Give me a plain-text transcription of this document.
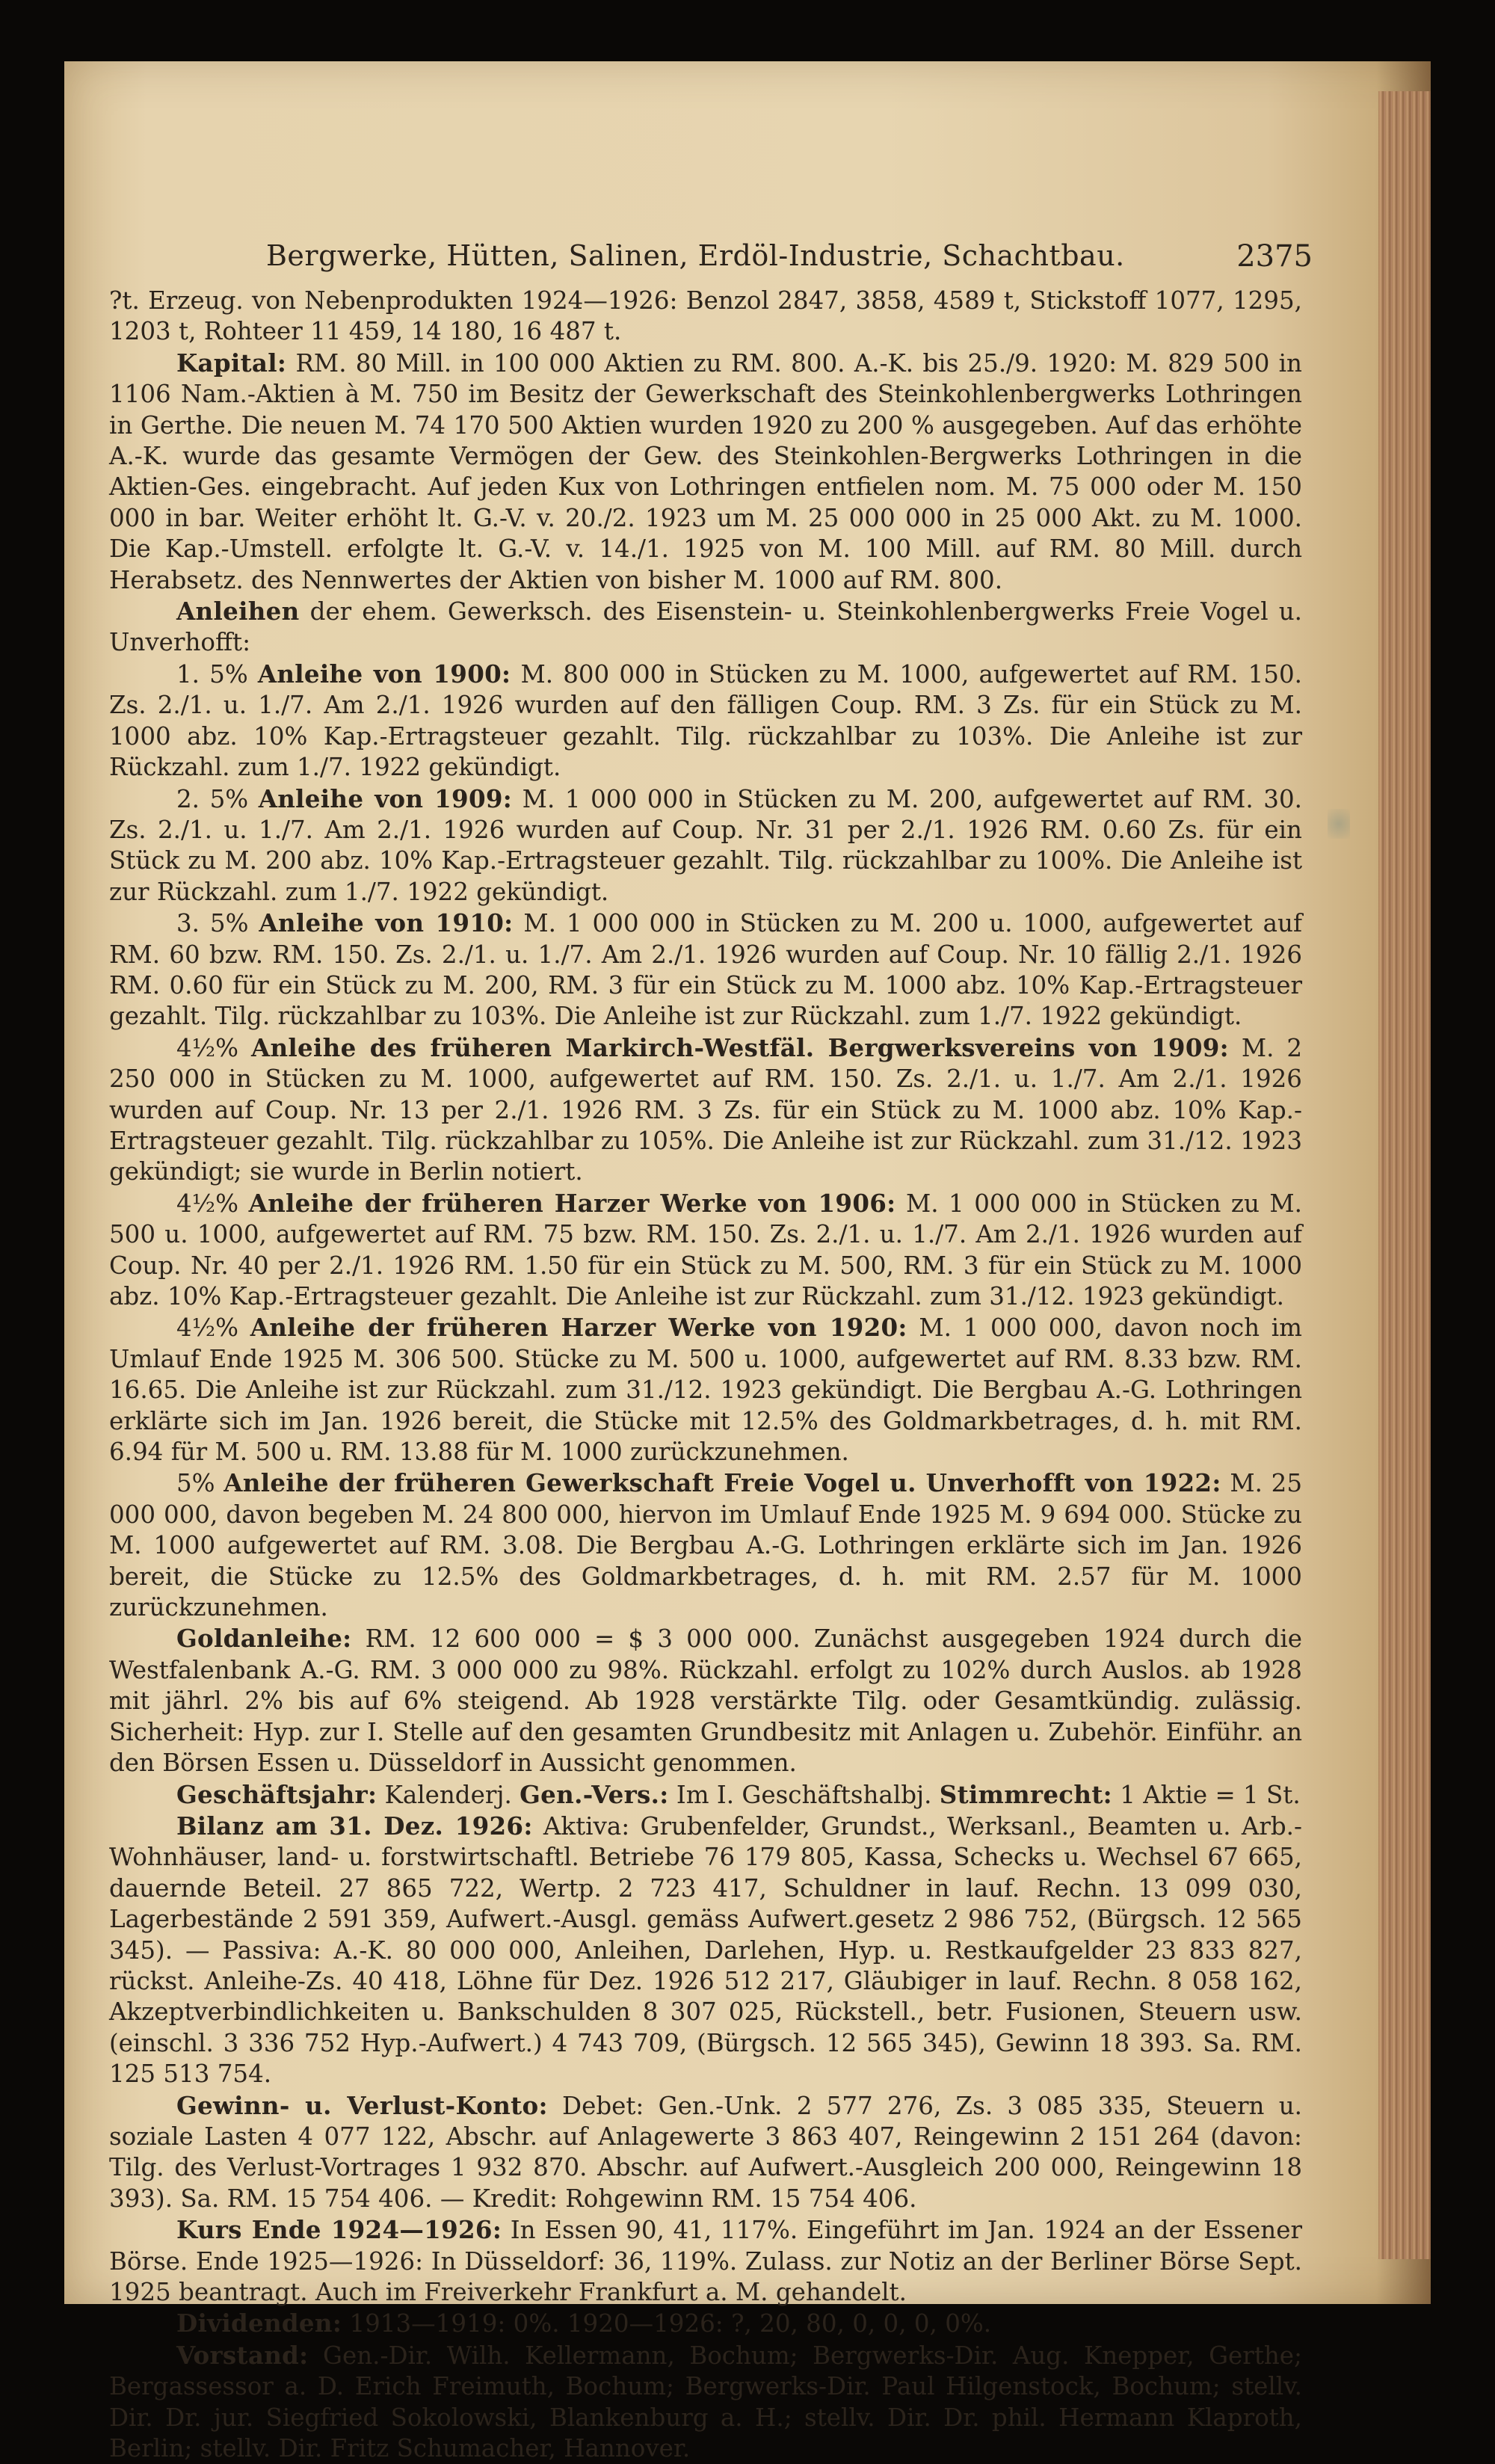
Bergwerke, Hütten, Salinen, Erdöl-Industrie, Schachtbau.	2375

?t. Erzeug. von Nebenprodukten 1924—1926: Benzol 2847, 3858, 4589 t, Stickstoff 1077, 1295, 1203 t, Rohteer 11 459, 14 180, 16 487 t.

Kapital: RM. 80 Mill. in 100 000 Aktien zu RM. 800. A.-K. bis 25./9. 1920: M. 829 500 in 1106 Nam.-Aktien à M. 750 im Besitz der Gewerkschaft des Steinkohlenbergwerks Lothringen in Gerthe. Die neuen M. 74 170 500 Aktien wurden 1920 zu 200 % ausgegeben. Auf das erhöhte A.-K. wurde das gesamte Vermögen der Gew. des Steinkohlen-Bergwerks Lothringen in die Aktien-Ges. eingebracht. Auf jeden Kux von Lothringen entfielen nom. M. 75 000 oder M. 150 000 in bar. Weiter erhöht lt. G.-V. v. 20./2. 1923 um M. 25 000 000 in 25 000 Akt. zu M. 1000. Die Kap.-Umstell. erfolgte lt. G.-V. v. 14./1. 1925 von M. 100 Mill. auf RM. 80 Mill. durch Herabsetz. des Nennwertes der Aktien von bisher M. 1000 auf RM. 800.

Anleihen der ehem. Gewerksch. des Eisenstein- u. Steinkohlenbergwerks Freie Vogel u. Unverhofft:

1. 5% Anleihe von 1900: M. 800 000 in Stücken zu M. 1000, aufgewertet auf RM. 150. Zs. 2./1. u. 1./7. Am 2./1. 1926 wurden auf den fälligen Coup. RM. 3 Zs. für ein Stück zu M. 1000 abz. 10% Kap.-Ertragsteuer gezahlt. Tilg. rückzahlbar zu 103%. Die Anleihe ist zur Rückzahl. zum 1./7. 1922 gekündigt.

2. 5% Anleihe von 1909: M. 1 000 000 in Stücken zu M. 200, aufgewertet auf RM. 30. Zs. 2./1. u. 1./7. Am 2./1. 1926 wurden auf Coup. Nr. 31 per 2./1. 1926 RM. 0.60 Zs. für ein Stück zu M. 200 abz. 10% Kap.-Ertragsteuer gezahlt. Tilg. rückzahlbar zu 100%. Die Anleihe ist zur Rückzahl. zum 1./7. 1922 gekündigt.

3. 5% Anleihe von 1910: M. 1 000 000 in Stücken zu M. 200 u. 1000, aufgewertet auf RM. 60 bzw. RM. 150. Zs. 2./1. u. 1./7. Am 2./1. 1926 wurden auf Coup. Nr. 10 fällig 2./1. 1926 RM. 0.60 für ein Stück zu M. 200, RM. 3 für ein Stück zu M. 1000 abz. 10% Kap.-Ertragsteuer gezahlt. Tilg. rückzahlbar zu 103%. Die Anleihe ist zur Rückzahl. zum 1./7. 1922 gekündigt.

4½% Anleihe des früheren Markirch-Westfäl. Bergwerksvereins von 1909: M. 2 250 000 in Stücken zu M. 1000, aufgewertet auf RM. 150. Zs. 2./1. u. 1./7. Am 2./1. 1926 wurden auf Coup. Nr. 13 per 2./1. 1926 RM. 3 Zs. für ein Stück zu M. 1000 abz. 10% Kap.-Ertragsteuer gezahlt. Tilg. rückzahlbar zu 105%. Die Anleihe ist zur Rückzahl. zum 31./12. 1923 gekündigt; sie wurde in Berlin notiert.

4½% Anleihe der früheren Harzer Werke von 1906: M. 1 000 000 in Stücken zu M. 500 u. 1000, aufgewertet auf RM. 75 bzw. RM. 150. Zs. 2./1. u. 1./7. Am 2./1. 1926 wurden auf Coup. Nr. 40 per 2./1. 1926 RM. 1.50 für ein Stück zu M. 500, RM. 3 für ein Stück zu M. 1000 abz. 10% Kap.-Ertragsteuer gezahlt. Die Anleihe ist zur Rückzahl. zum 31./12. 1923 gekündigt.

4½% Anleihe der früheren Harzer Werke von 1920: M. 1 000 000, davon noch im Umlauf Ende 1925 M. 306 500. Stücke zu M. 500 u. 1000, aufgewertet auf RM. 8.33 bzw. RM. 16.65. Die Anleihe ist zur Rückzahl. zum 31./12. 1923 gekündigt. Die Bergbau A.-G. Lothringen erklärte sich im Jan. 1926 bereit, die Stücke mit 12.5% des Goldmarkbetrages, d. h. mit RM. 6.94 für M. 500 u. RM. 13.88 für M. 1000 zurückzunehmen.

5% Anleihe der früheren Gewerkschaft Freie Vogel u. Unverhofft von 1922: M. 25 000 000, davon begeben M. 24 800 000, hiervon im Umlauf Ende 1925 M. 9 694 000. Stücke zu M. 1000 aufgewertet auf RM. 3.08. Die Bergbau A.-G. Lothringen erklärte sich im Jan. 1926 bereit, die Stücke zu 12.5% des Goldmarkbetrages, d. h. mit RM. 2.57 für M. 1000 zurückzunehmen.

Goldanleihe: RM. 12 600 000 = $ 3 000 000. Zunächst ausgegeben 1924 durch die Westfalenbank A.-G. RM. 3 000 000 zu 98%. Rückzahl. erfolgt zu 102% durch Auslos. ab 1928 mit jährl. 2% bis auf 6% steigend. Ab 1928 verstärkte Tilg. oder Gesamtkündig. zulässig. Sicherheit: Hyp. zur I. Stelle auf den gesamten Grundbesitz mit Anlagen u. Zubehör. Einführ. an den Börsen Essen u. Düsseldorf in Aussicht genommen.

Geschäftsjahr: Kalenderj. Gen.-Vers.: Im I. Geschäftshalbj. Stimmrecht: 1 Aktie = 1 St.

Bilanz am 31. Dez. 1926: Aktiva: Grubenfelder, Grundst., Werksanl., Beamten u. Arb.-Wohnhäuser, land- u. forstwirtschaftl. Betriebe 76 179 805, Kassa, Schecks u. Wechsel 67 665, dauernde Beteil. 27 865 722, Wertp. 2 723 417, Schuldner in lauf. Rechn. 13 099 030, Lagerbestände 2 591 359, Aufwert.-Ausgl. gemäss Aufwert.gesetz 2 986 752, (Bürgsch. 12 565 345). — Passiva: A.-K. 80 000 000, Anleihen, Darlehen, Hyp. u. Restkaufgelder 23 833 827, rückst. Anleihe-Zs. 40 418, Löhne für Dez. 1926 512 217, Gläubiger in lauf. Rechn. 8 058 162, Akzeptverbindlichkeiten u. Bankschulden 8 307 025, Rückstell., betr. Fusionen, Steuern usw. (einschl. 3 336 752 Hyp.-Aufwert.) 4 743 709, (Bürgsch. 12 565 345), Gewinn 18 393. Sa. RM. 125 513 754.

Gewinn- u. Verlust-Konto: Debet: Gen.-Unk. 2 577 276, Zs. 3 085 335, Steuern u. soziale Lasten 4 077 122, Abschr. auf Anlagewerte 3 863 407, Reingewinn 2 151 264 (davon: Tilg. des Verlust-Vortrages 1 932 870. Abschr. auf Aufwert.-Ausgleich 200 000, Reingewinn 18 393). Sa. RM. 15 754 406. — Kredit: Rohgewinn RM. 15 754 406.

Kurs Ende 1924—1926: In Essen 90, 41, 117%. Eingeführt im Jan. 1924 an der Essener Börse. Ende 1925—1926: In Düsseldorf: 36, 119%. Zulass. zur Notiz an der Berliner Börse Sept. 1925 beantragt. Auch im Freiverkehr Frankfurt a. M. gehandelt.

Dividenden: 1913—1919: 0%. 1920—1926: ?, 20, 80, 0, 0, 0, 0%.

Vorstand: Gen.-Dir. Wilh. Kellermann, Bochum; Bergwerks-Dir. Aug. Knepper, Gerthe; Bergassessor a. D. Erich Freimuth, Bochum; Bergwerks-Dir. Paul Hilgenstock, Bochum; stellv. Dir. Dr. jur. Siegfried Sokolowski, Blankenburg a. H.; stellv. Dir. Dr. phil. Hermann Klaproth, Berlin; stellv. Dir. Fritz Schumacher, Hannover.
